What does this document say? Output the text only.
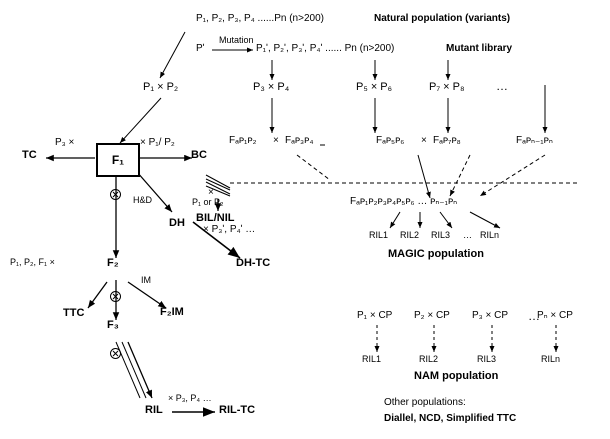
P₁, P₂, P₃, P₄ ......Pn (n>200)	Natural population (variants)
Pʹ
Mutation
P₁ʹ, P₂ʹ, P₃ʹ, P₄ʹ ...... Pn (n>200)	Mutant library
P₁ × P₂	P₃ × P₄	P₅ × P₆	P₇ × P₈	…
TC
P₃ ×
F₁
× P₁/ P₂
BC
Fₐᴘ₁ᴘ₂ × Fₐᴘ₃ᴘ₄	Fₐᴘ₅ᴘ₆ × Fₐᴘ₇ᴘ₈	Fₐᴘₙ₋₁ᴘₙ
H&D
DH
× P₃ʹ, P₄ʹ …
DH-TC
×
P₁ or P₂
BIL/NIL
F₂
P₁, P₂, F₁ ×
IM
TTC	F₂IM
F₃
RIL
× P₃, P₄ …
RIL-TC
Fₐᴘ₁ᴘ₂ᴘ₃ᴘ₄ᴘ₅ᴘ₆ … ᴘₙ₋₁ᴘₙ
RIL1 RIL2 RIL3 … RILn
MAGIC population
P₁ × CP P₂ × CP P₃ × CP …
Pₙ × CP
RIL1	RIL2	RIL3	RILn
NAM population
Other populations:
Diallel, NCD, Simplified TTC
